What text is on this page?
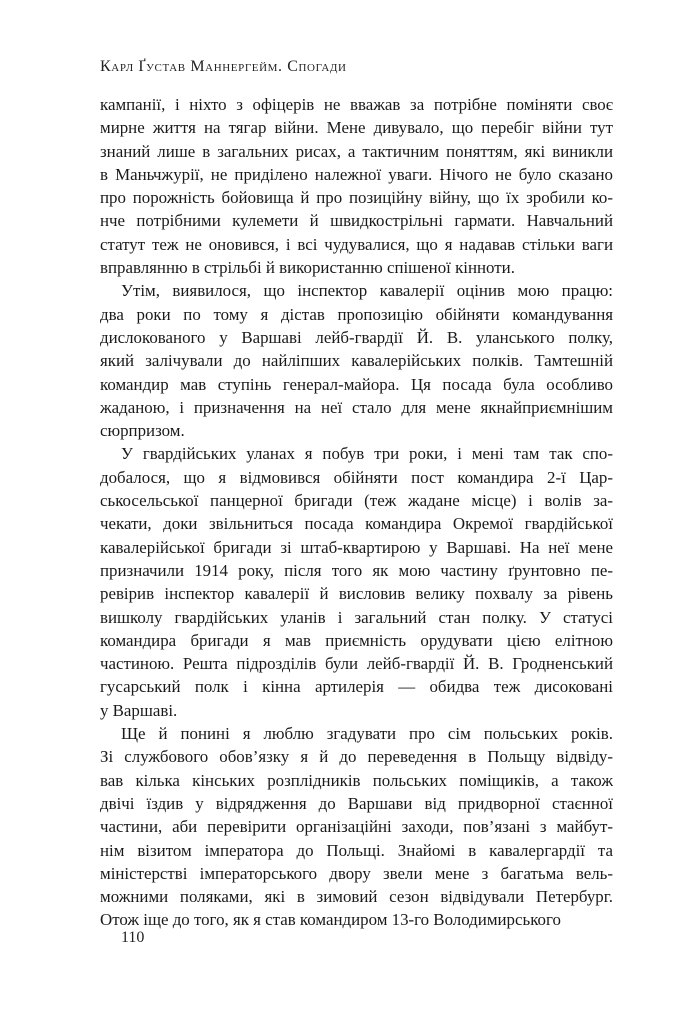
Карл Ґустав Маннергейм. Спогади
кампанії, і ніхто з офіцерів не вважав за потрібне поміняти своє
мирне життя на тягар війни. Мене дивувало, що перебіг війни тут
знаний лише в загальних рисах, а тактичним поняттям, які виникли
в Маньчжурії, не приділено належної уваги. Нічого не було сказано
про порожність бойовища й про позиційну війну, що їх зробили ко-
нче потрібними кулемети й швидкострільні гармати. Навчальний
статут теж не оновився, і всі чудувалися, що я надавав стільки ваги
вправлянню в стрільбі й використанню спішеної кінноти.
Утім, виявилося, що інспектор кавалерії оцінив мою працю:
два роки по тому я дістав пропозицію обійняти командування
дислокованого у Варшаві лейб-гвардії Й. В. уланського полку,
який залічували до найліпших кавалерійських полків. Тамтешній
командир мав ступінь генерал-майора. Ця посада була особливо
жаданою, і призначення на неї стало для мене якнайприємнішим
сюрпризом.
У гвардійських уланах я побув три роки, і мені там так спо-
добалося, що я відмовився обійняти пост командира 2-ї Цар-
ськосельської панцерної бригади (теж жадане місце) і волів за-
чекати, доки звільниться посада командира Окремої гвардійської
кавалерійської бригади зі штаб-квартирою у Варшаві. На неї мене
призначили 1914 року, після того як мою частину ґрунтовно пе-
ревірив інспектор кавалерії й висловив велику похвалу за рівень
вишколу гвардійських уланів і загальний стан полку. У статусі
командира бригади я мав приємність орудувати цією елітною
частиною. Решта підрозділів були лейб-гвардії Й. В. Гродненський
гусарський полк і кінна артилерія — обидва теж дисоковані
у Варшаві.
Ще й понині я люблю згадувати про сім польських років.
Зі службового обов’язку я й до переведення в Польщу відвіду-
вав кілька кінських розплідників польських поміщиків, а також
двічі їздив у відрядження до Варшави від придворної стаєнної
частини, аби перевірити організаційні заходи, пов’язані з майбут-
нім візитом імператора до Польщі. Знайомі в кавалергардії та
міністерстві імператорського двору звели мене з багатьма вель-
можними поляками, які в зимовий сезон відвідували Петербург.
Отож іще до того, як я став командиром 13-го Володимирського
110
